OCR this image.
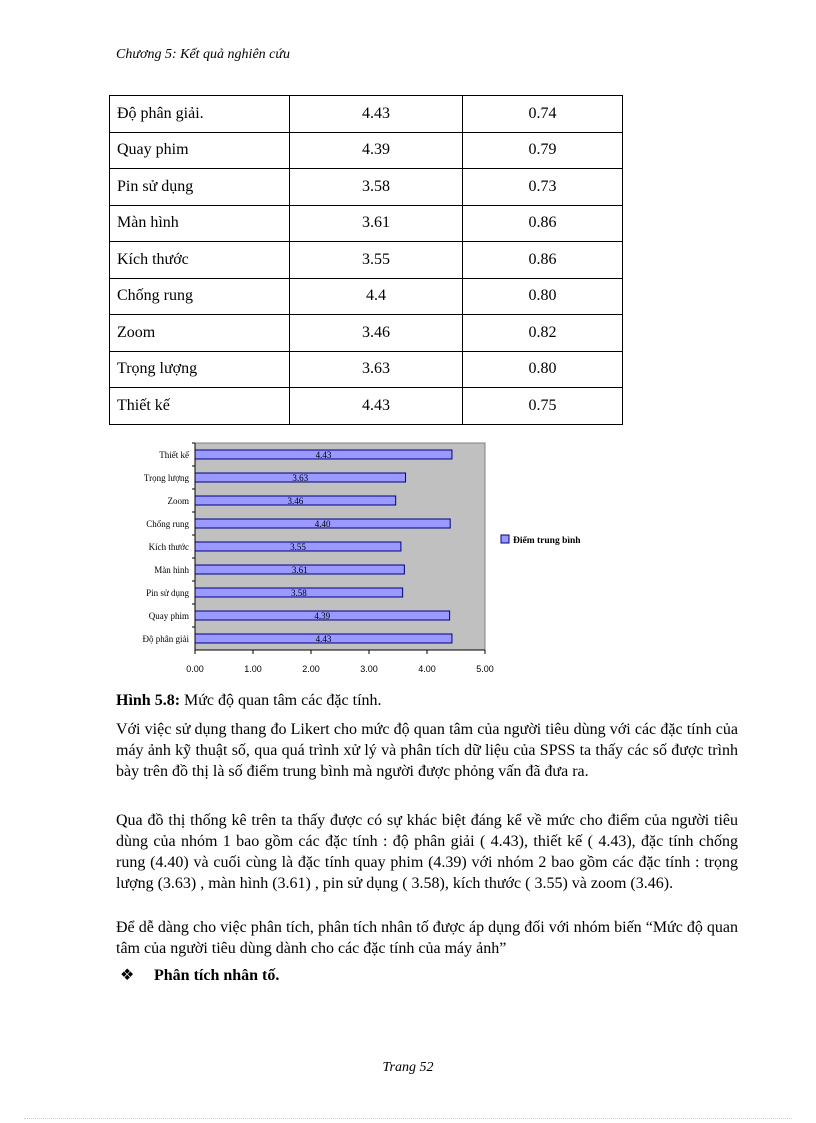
Chương 5: Kết quả nghiên cứu
Độ phân giải.	4.43	0.74
Quay phim	4.39	0.79
Pin sử dụng	3.58	0.73
Màn hình	3.61	0.86
Kích thước	3.55	0.86
Chống rung	4.4	0.80
Zoom	3.46	0.82
Trọng lượng	3.63	0.80
Thiết kế	4.43	0.75
4.43
Độ phân giải
4.39
Quay phim
3.58
Pin sử dụng
3.61
Màn hình
3.55
Kích thước
4.40
Chống rung
3.46
Zoom
3.63
Trọng lượng
4.43
Thiết kế
0.00	1.00	2.00	3.00	4.00	5.00
Điểm trung bình
Hình 5.8: Mức độ quan tâm các đặc tính.

Với việc sử dụng thang đo Likert cho mức độ quan tâm của người tiêu dùng với các đặc tính của máy ảnh kỹ thuật số, qua quá trình xử lý và phân tích dữ liệu của SPSS ta thấy các số được trình bày trên đồ thị là số điểm trung bình mà người được phỏng vấn đã đưa ra.

Qua đồ thị thống kê trên ta thấy được có sự khác biệt đáng kể về mức cho điểm của người tiêu dùng của nhóm 1 bao gồm các đặc tính : độ phân giải ( 4.43), thiết kế ( 4.43), đặc tính chống rung (4.40) và cuối cùng là đặc tính quay phim (4.39) với nhóm 2 bao gồm các đặc tính : trọng lượng (3.63) , màn hình (3.61) , pin sử dụng ( 3.58), kích thước ( 3.55) và zoom (3.46).

Để dễ dàng cho việc phân tích, phân tích nhân tố được áp dụng đối với nhóm biến “Mức độ quan tâm của người tiêu dùng dành cho các đặc tính của máy ảnh”

❖ Phân tích nhân tố.
Trang 52
